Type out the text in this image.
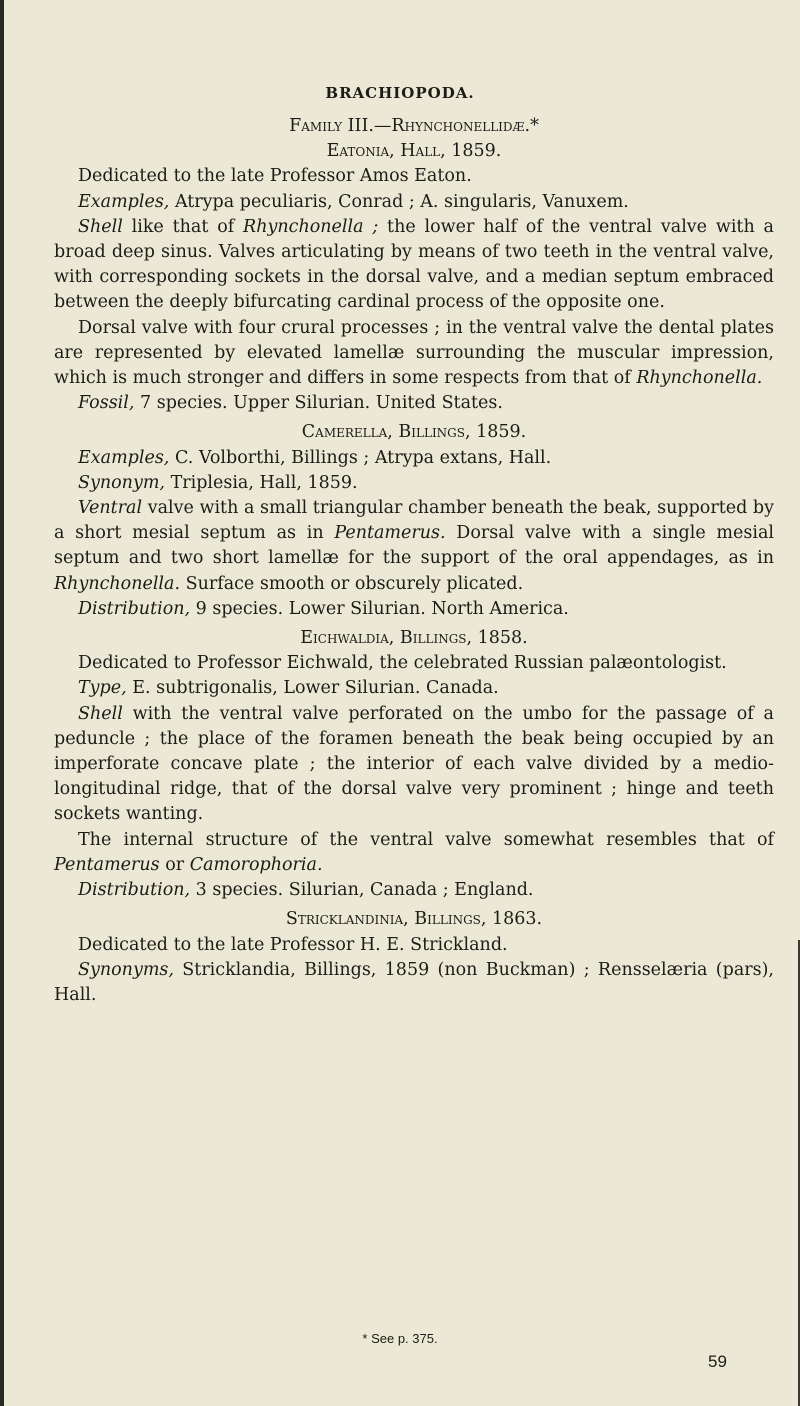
BRACHIOPODA.

Family III.—Rhynchonellidæ.*

Eatonia, Hall, 1859.

Dedicated to the late Professor Amos Eaton.

Examples, Atrypa peculiaris, Conrad ; A. singularis, Vanuxem.

Shell like that of Rhynchonella ; the lower half of the ventral valve with a broad deep sinus. Valves articulating by means of two teeth in the ventral valve, with corresponding sockets in the dorsal valve, and a median septum embraced between the deeply bifurcating cardinal process of the opposite one.

Dorsal valve with four crural processes ; in the ventral valve the dental plates are represented by elevated lamellæ surrounding the muscular impression, which is much stronger and differs in some respects from that of Rhynchonella.

Fossil, 7 species. Upper Silurian. United States.

Camerella, Billings, 1859.

Examples, C. Volborthi, Billings ; Atrypa extans, Hall.

Synonym, Triplesia, Hall, 1859.

Ventral valve with a small triangular chamber beneath the beak, supported by a short mesial septum as in Pentamerus. Dorsal valve with a single mesial septum and two short lamellæ for the support of the oral appendages, as in Rhynchonella. Surface smooth or obscurely plicated.

Distribution, 9 species. Lower Silurian. North America.

Eichwaldia, Billings, 1858.

Dedicated to Professor Eichwald, the celebrated Russian palæontologist.

Type, E. subtrigonalis, Lower Silurian. Canada.

Shell with the ventral valve perforated on the umbo for the passage of a peduncle ; the place of the foramen beneath the beak being occupied by an imperforate concave plate ; the interior of each valve divided by a medio-longitudinal ridge, that of the dorsal valve very prominent ; hinge and teeth sockets wanting.

The internal structure of the ventral valve somewhat resembles that of Pentamerus or Camorophoria.

Distribution, 3 species. Silurian, Canada ; England.

Stricklandinia, Billings, 1863.

Dedicated to the late Professor H. E. Strickland.

Synonyms, Stricklandia, Billings, 1859 (non Buckman) ; Rensselæria (pars), Hall.

* See p. 375.
59
